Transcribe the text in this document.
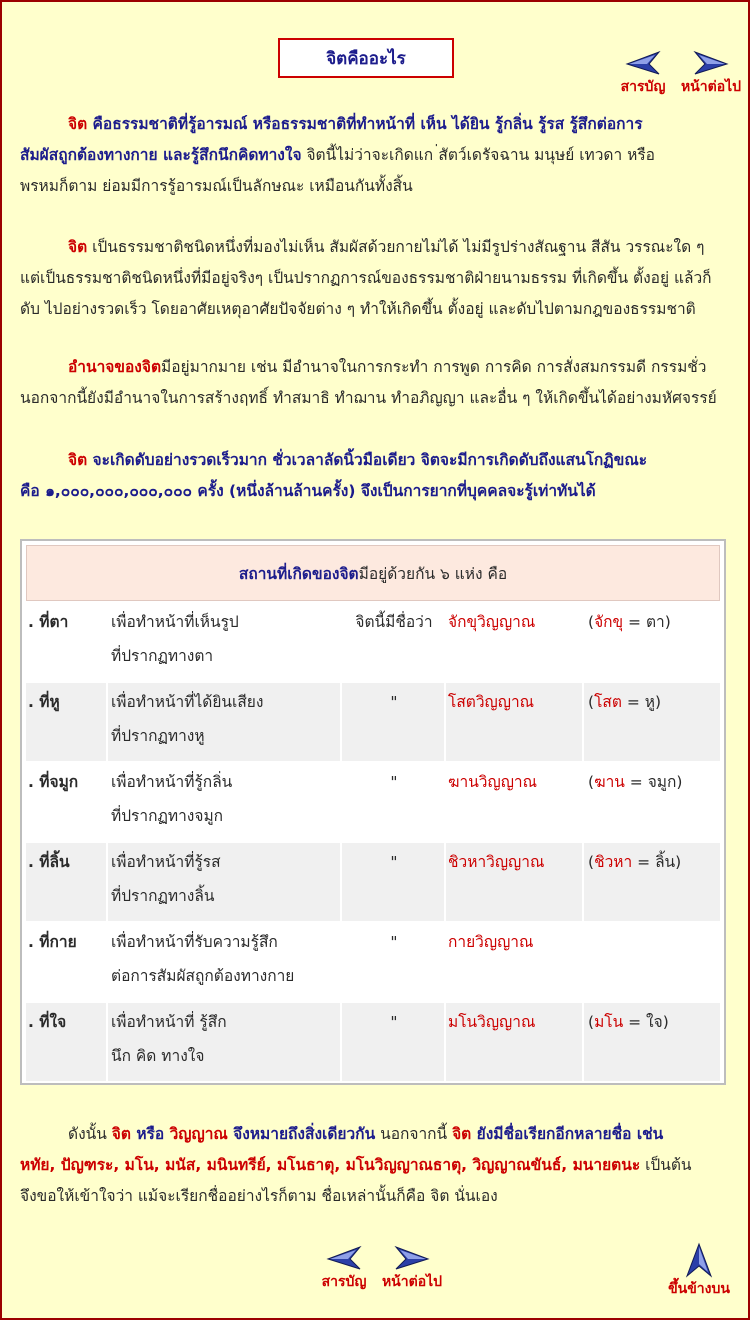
จิตคืออะไร
สารบัญ	หน้าต่อไป

จิต คือธรรมชาติที่รู้อารมณ์ หรือธรรมชาติที่ทำหน้าที่ เห็น ได้ยิน รู้กลิ่น รู้รส รู้สึกต่อการ
สัมผัสถูกต้องทางกาย และรู้สึกนึกคิดทางใจ จิตนี้ไม่ว่าจะเกิดแก ่สัตว์เดรัจฉาน มนุษย์ เทวดา หรือ
พรหมก็ตาม ย่อมมีการรู้อารมณ์เป็นลักษณะ เหมือนกันทั้งสิ้น

จิต เป็นธรรมชาติชนิดหนึ่งที่มองไม่เห็น สัมผัสด้วยกายไม่ได้ ไม่มีรูปร่างสัณฐาน สีสัน วรรณะใด ๆ
แต่เป็นธรรมชาติชนิดหนึ่งที่มีอยู่จริงๆ เป็นปรากฏการณ์ของธรรมชาติฝ่ายนามธรรม ที่เกิดขึ้น ตั้งอยู่ แล้วก็
ดับ ไปอย่างรวดเร็ว โดยอาศัยเหตุอาศัยปัจจัยต่าง ๆ ทำให้เกิดขึ้น ตั้งอยู่ และดับไปตามกฎของธรรมชาติ

อำนาจของจิตมีอยู่มากมาย เช่น มีอำนาจในการกระทำ การพูด การคิด การสั่งสมกรรมดี กรรมชั่ว
นอกจากนี้ยังมีอำนาจในการสร้างฤทธิ์ ทำสมาธิ ทำฌาน ทำอภิญญา และอื่น ๆ ให้เกิดขึ้นได้อย่างมหัศจรรย์

จิต จะเกิดดับอย่างรวดเร็วมาก ชั่วเวลาลัดนิ้วมือเดียว จิตจะมีการเกิดดับถึงแสนโกฏิขณะ
คือ ๑,๐๐๐,๐๐๐,๐๐๐,๐๐๐ ครั้ง (หนึ่งล้านล้านครั้ง) จึงเป็นการยากที่บุคคลจะรู้เท่าทันได้

สถานที่เกิดของจิต มีอยู่ด้วยกัน ๖ แห่ง คือ
. ที่ตา	เพื่อทำหน้าที่เห็นรูป
ที่ปรากฏทางตา
จิตนี้มีชื่อว่า จักขุวิญญาณ	(จักขุ = ตา)
. ที่หู	เพื่อทำหน้าที่ได้ยินเสียง
ที่ปรากฏทางหู
"	โสตวิญญาณ	(โสต = หู)
. ที่จมูก	เพื่อทำหน้าที่รู้กลิ่น
ที่ปรากฏทางจมูก
"	ฆานวิญญาณ	(ฆาน = จมูก)
. ที่ลิ้น	เพื่อทำหน้าที่รู้รส
ที่ปรากฏทางลิ้น
"	ชิวหาวิญญาณ	(ชิวหา = ลิ้น)
. ที่กาย	เพื่อทำหน้าที่รับความรู้สึก
ต่อการสัมผัสถูกต้องทางกาย
"	กายวิญญาณ
. ที่ใจ	เพื่อทำหน้าที่ รู้สึก
นึก คิด ทางใจ
"	มโนวิญญาณ	(มโน = ใจ)

ดังนั้น จิต หรือ วิญญาณ จึงหมายถึงสิ่งเดียวกัน นอกจากนี้ จิต ยังมีชื่อเรียกอีกหลายชื่อ เช่น
หทัย, ปัญฑระ, มโน, มนัส, มนินทรีย์, มโนธาตุ, มโนวิญญาณธาตุ, วิญญาณขันธ์, มนายตนะ เป็นต้น
จึงขอให้เข้าใจว่า แม้จะเรียกชื่ออย่างไรก็ตาม ชื่อเหล่านั้นก็คือ จิต นั่นเอง

สารบัญ	หน้าต่อไป	ขึ้นข้างบน
